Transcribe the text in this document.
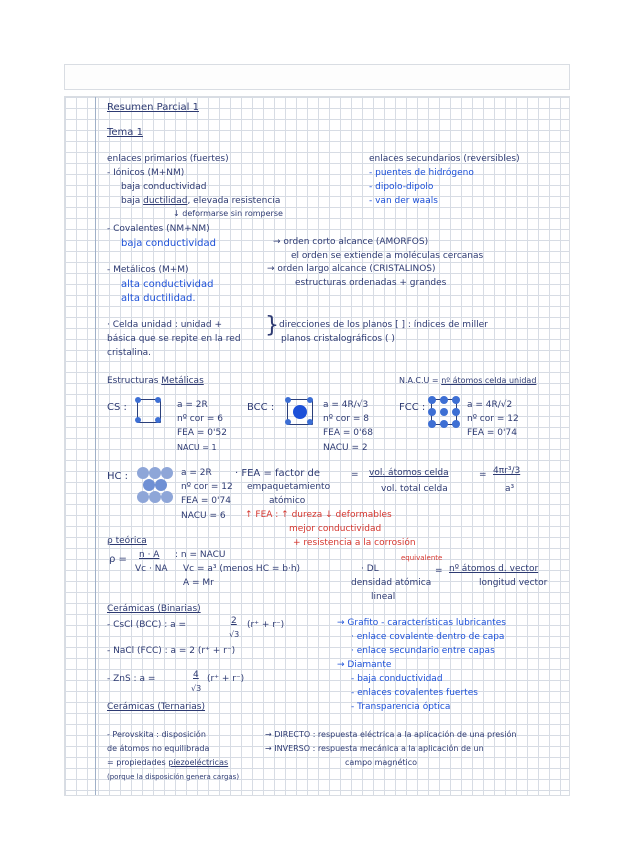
Resumen Parcial 1
Tema 1
enlaces primarios (fuertes)
- Iónicos (M+NM)
baja conductividad
baja ductilidad, elevada resistencia
↓ deformarse sin romperse
- Covalentes (NM+NM)
baja conductividad	→ orden corto alcance (AMORFOS)
el orden se extiende a moléculas cercanas
- Metálicos (M+M)
alta conductividad
alta ductilidad.
→ orden largo alcance (CRISTALINOS)
estructuras ordenadas + grandes
enlaces secundarios (reversibles)
- puentes de hidrógeno
- dipolo-dipolo
- van der waals
· Celda unidad : unidad +
básica que se repite en la red
cristalina.
} direcciones de los planos [ ] : índices de miller
planos cristalográficos ( )
Estructuras Metálicas	N.A.C.U = nº átomos celda unidad
CS :	a = 2R
nº cor = 6
FEA = 0'52
NACU = 1
BCC :	a = 4R/√3
nº cor = 8
FEA = 0'68
NACU = 2
FCC :	a = 4R/√2
nº cor = 12
FEA = 0'74
HC :	a = 2R
nº cor = 12
FEA = 0'74
NACU = 6
· FEA = factor de
empaquetamiento
atómico
= vol. átomos celda
vol. total celda
= 4πr³/3
a³
↑ FEA : ↑ dureza ↓ deformables
mejor conductividad
+ resistencia a la corrosión
ρ teórica
ρ = n · A
Vc · NA
: n = NACU
Vc = a³ (menos HC = b·h)
A = Mr
equivalente
· DL	= nº átomos d. vector
longitud vector
densidad atómica
lineal
Cerámicas (Binarias)
- CsCl (BCC) : a =	2
√3
(r⁺ + r⁻)
- NaCl (FCC) : a = 2 (r⁺ + r⁻)
- ZnS : a =	4
√3
(r⁺ + r⁻)
→ Grafito - características lubricantes
· enlace covalente dentro de capa
· enlace secundario entre capas
→ Diamante
- baja conductividad
- enlaces covalentes fuertes
- Transparencia óptica
Cerámicas (Ternarias)
- Perovskita : disposición
de átomos no equilibrada
= propiedades piezoeléctricas
(porque la disposición genera cargas)
→ DIRECTO : respuesta eléctrica a la aplicación de una presión
→ INVERSO : respuesta mecánica a la aplicación de un
campo magnético
